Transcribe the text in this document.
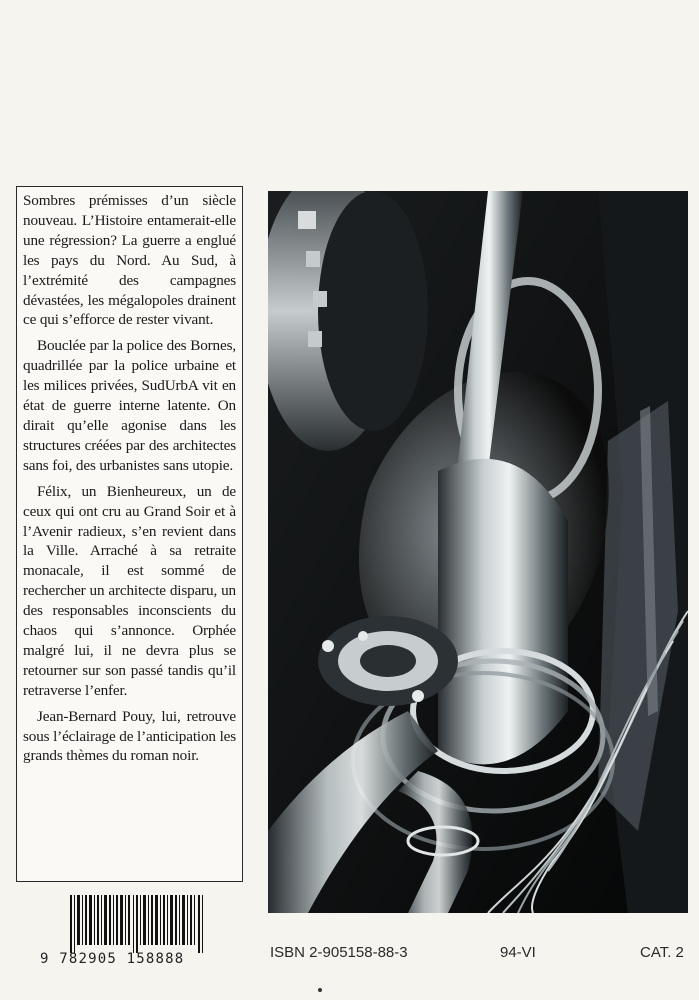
Sombres prémisses d’un siècle nouveau. L’Histoire entamerait-elle une régression? La guerre a englué les pays du Nord. Au Sud, à l’extrémité des campagnes dévastées, les mégalopoles drainent ce qui s’efforce de rester vivant.

Bouclée par la police des Bornes, quadrillée par la police urbaine et les milices privées, SudUrbA vit en état de guerre interne latente. On dirait qu’elle agonise dans les structures créées par des architectes sans foi, des urbanistes sans utopie.

Félix, un Bienheureux, un de ceux qui ont cru au Grand Soir et à l’Avenir radieux, s’en revient dans la Ville. Arraché à sa retraite monacale, il est sommé de rechercher un architecte disparu, un des responsables inconscients du chaos qui s’annonce. Orphée malgré lui, il ne devra plus se retourner sur son passé tandis qu’il retraverse l’enfer.

Jean-Bernard Pouy, lui, retrouve sous l’éclairage de l’anticipation les grands thèmes du roman noir.

9 782905 158888	ISBN 2-905158-88-3	94-VI	CAT. 2
